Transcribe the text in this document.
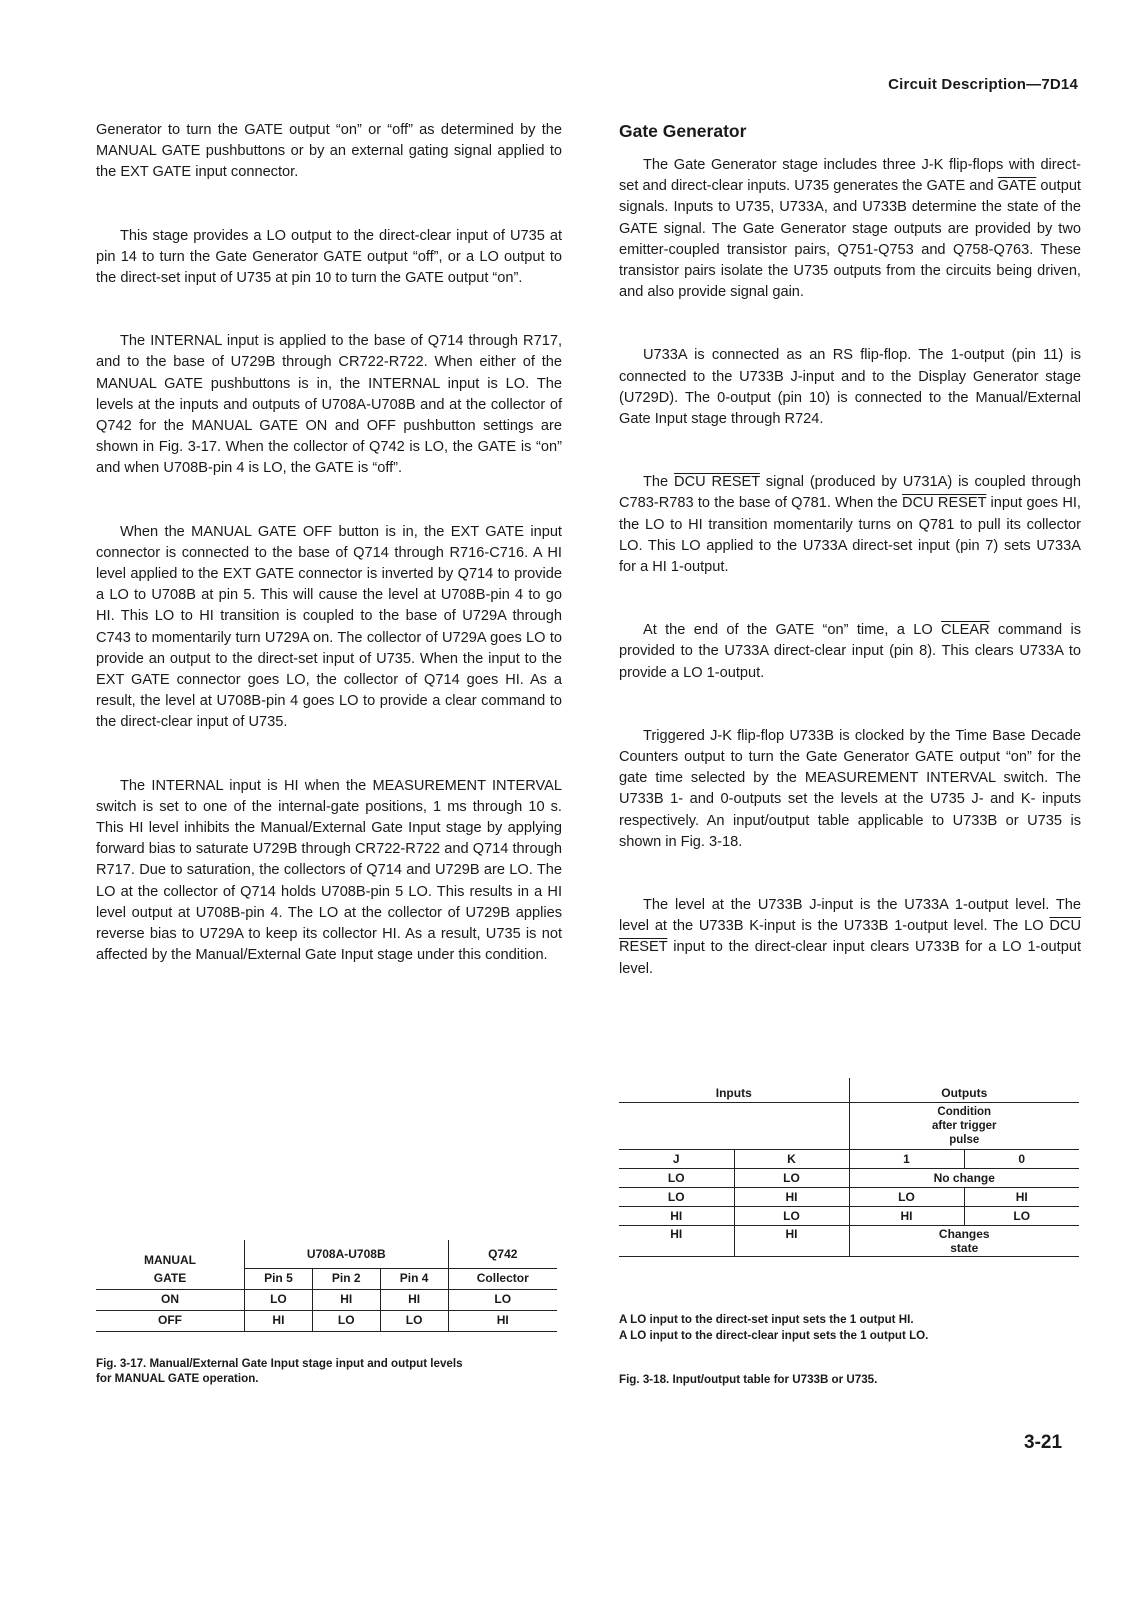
Circuit Description—7D14

Generator to turn the GATE output “on” or “off” as determined by the MANUAL GATE pushbuttons or by an external gating signal applied to the EXT GATE input connector.

This stage provides a LO output to the direct-clear input of U735 at pin 14 to turn the Gate Generator GATE output “off”, or a LO output to the direct-set input of U735 at pin 10 to turn the GATE output “on”.

The INTERNAL input is applied to the base of Q714 through R717, and to the base of U729B through CR722-R722. When either of the MANUAL GATE pushbuttons is in, the INTERNAL input is LO. The levels at the inputs and outputs of U708A-U708B and at the collector of Q742 for the MANUAL GATE ON and OFF pushbutton settings are shown in Fig. 3-17. When the collector of Q742 is LO, the GATE is “on” and when U708B-pin 4 is LO, the GATE is “off”.

When the MANUAL GATE OFF button is in, the EXT GATE input connector is connected to the base of Q714 through R716-C716. A HI level applied to the EXT GATE connector is inverted by Q714 to provide a LO to U708B at pin 5. This will cause the level at U708B-pin 4 to go HI. This LO to HI transition is coupled to the base of U729A through C743 to momentarily turn U729A on. The collector of U729A goes LO to provide an output to the direct-set input of U735. When the input to the EXT GATE connector goes LO, the collector of Q714 goes HI. As a result, the level at U708B-pin 4 goes LO to provide a clear command to the direct-clear input of U735.

The INTERNAL input is HI when the MEASUREMENT INTERVAL switch is set to one of the internal-gate positions, 1 ms through 10 s. This HI level inhibits the Manual/External Gate Input stage by applying forward bias to saturate U729B through CR722-R722 and Q714 through R717. Due to saturation, the collectors of Q714 and U729B are LO. The LO at the collector of Q714 holds U708B-pin 5 LO. This results in a HI level output at U708B-pin 4. The LO at the collector of U729B applies reverse bias to U729A to keep its collector HI. As a result, U735 is not affected by the Manual/External Gate Input stage under this condition.

Gate Generator

The Gate Generator stage includes three J-K flip-flops with direct-set and direct-clear inputs. U735 generates the GATE and GATE output signals. Inputs to U735, U733A, and U733B determine the state of the GATE signal. The Gate Generator stage outputs are provided by two emitter-coupled transistor pairs, Q751-Q753 and Q758-Q763. These transistor pairs isolate the U735 outputs from the circuits being driven, and also provide signal gain.

U733A is connected as an RS flip-flop. The 1-output (pin 11) is connected to the U733B J-input and to the Display Generator stage (U729D). The 0-output (pin 10) is connected to the Manual/External Gate Input stage through R724.

The DCU RESET signal (produced by U731A) is coupled through C783-R783 to the base of Q781. When the DCU RESET input goes HI, the LO to HI transition momentarily turns on Q781 to pull its collector LO. This LO applied to the U733A direct-set input (pin 7) sets U733A for a HI 1-output.

At the end of the GATE “on” time, a LO CLEAR command is provided to the U733A direct-clear input (pin 8). This clears U733A to provide a LO 1-output.

Triggered J-K flip-flop U733B is clocked by the Time Base Decade Counters output to turn the Gate Generator GATE output “on” for the gate time selected by the MEASUREMENT INTERVAL switch. The U733B 1- and 0-outputs set the levels at the U735 J- and K- inputs respectively. An input/output table applicable to U733B or U735 is shown in Fig. 3-18.

The level at the U733B J-input is the U733A 1-output level. The level at the U733B K-input is the U733B 1-output level. The LO DCU RESET input to the direct-clear input clears U733B for a LO 1-output level.

MANUAL	U708A-U708B			Q742

GATE	Pin 5	Pin 2	Pin 4	Collector
ON	LO	HI	HI	LO
OFF	HI	LO	LO	HI
Fig. 3-17. Manual/External Gate Input stage input and output levels
for MANUAL GATE operation.
Inputs		Outputs	

		Condition
after trigger
pulse	

J	K	1	0
LO	LO	No change	
LO	HI	LO	HI
HI	LO	HI	LO
HI	HI	Changes
state	
A LO input to the direct-set input sets the 1 output HI.
A LO input to the direct-clear input sets the 1 output LO.
Fig. 3-18. Input/output table for U733B or U735.
3-21
